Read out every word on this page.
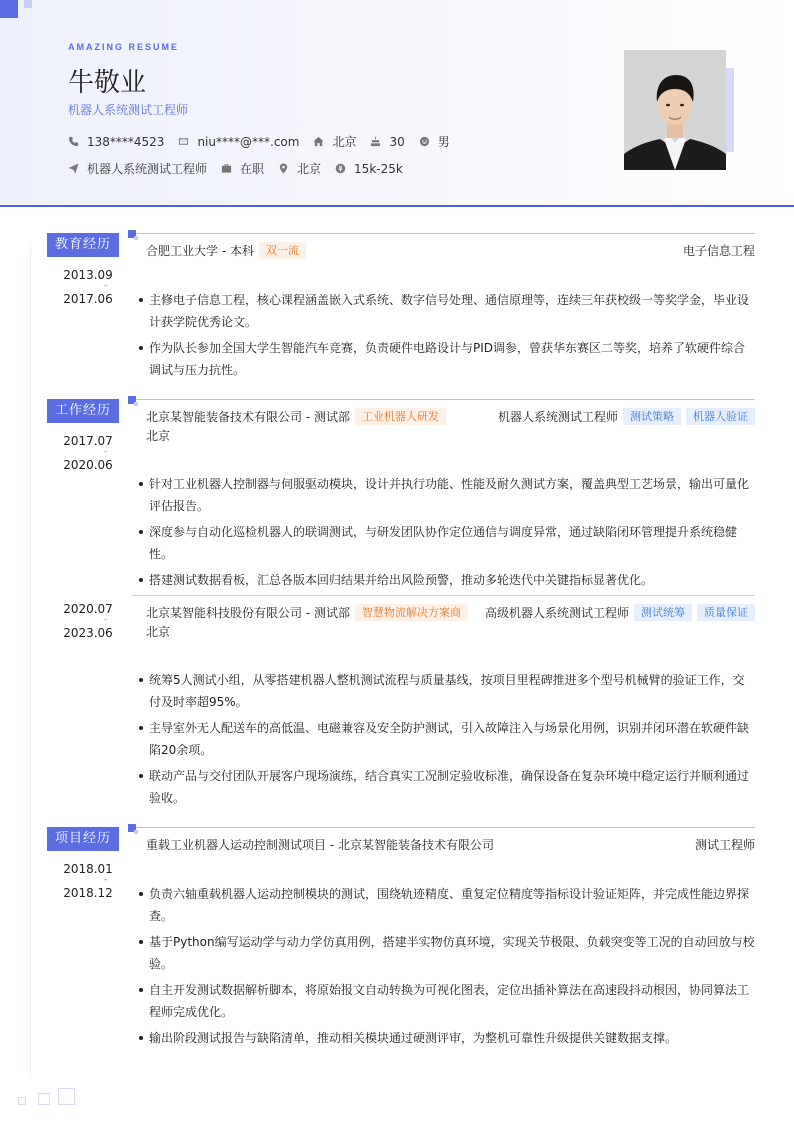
AMAZING RESUME
牛敬业
机器人系统测试工程师
138****4523	niu****@***.com	北京	30	男
机器人系统测试工程师	在职	北京	15k-25k
教育经历	合肥工业大学 - 本科	双一流	电子信息工程
2013.09
-
2017.06	主修电子信息工程，核心课程涵盖嵌入式系统、数字信号处理、通信原理等，连续三年获校级一等奖学金，毕业设计获学院优秀论文。
作为队长参加全国大学生智能汽车竞赛，负责硬件电路设计与PID调参，曾获华东赛区二等奖，培养了软硬件综合调试与压力抗性。
工作经历	北京某智能装备技术有限公司 - 测试部	工业机器人研发	机器人系统测试工程师	测试策略	机器人验证
北京
2017.07
-
2020.06
针对工业机器人控制器与伺服驱动模块，设计并执行功能、性能及耐久测试方案，覆盖典型工艺场景，输出可量化评估报告。
深度参与自动化巡检机器人的联调测试，与研发团队协作定位通信与调度异常，通过缺陷闭环管理提升系统稳健性。
搭建测试数据看板，汇总各版本回归结果并给出风险预警，推动多轮迭代中关键指标显著优化。
北京某智能科技股份有限公司 - 测试部	智慧物流解决方案商	高级机器人系统测试工程师	测试统筹	质量保证
北京
2020.07
-
2023.06
统筹5人测试小组，从零搭建机器人整机测试流程与质量基线，按项目里程碑推进多个型号机械臂的验证工作，交付及时率超95%。
主导室外无人配送车的高低温、电磁兼容及安全防护测试，引入故障注入与场景化用例，识别并闭环潜在软硬件缺陷20余项。
联动产品与交付团队开展客户现场演练，结合真实工况制定验收标准，确保设备在复杂环境中稳定运行并顺利通过验收。
项目经历	重载工业机器人运动控制测试项目 - 北京某智能装备技术有限公司	测试工程师
2018.01
-
2018.12	负责六轴重载机器人运动控制模块的测试，围绕轨迹精度、重复定位精度等指标设计验证矩阵，并完成性能边界探查。
基于Python编写运动学与动力学仿真用例，搭建半实物仿真环境，实现关节极限、负载突变等工况的自动回放与校验。
自主开发测试数据解析脚本，将原始报文自动转换为可视化图表，定位出插补算法在高速段抖动根因，协同算法工程师完成优化。
输出阶段测试报告与缺陷清单，推动相关模块通过硬测评审，为整机可靠性升级提供关键数据支撑。
